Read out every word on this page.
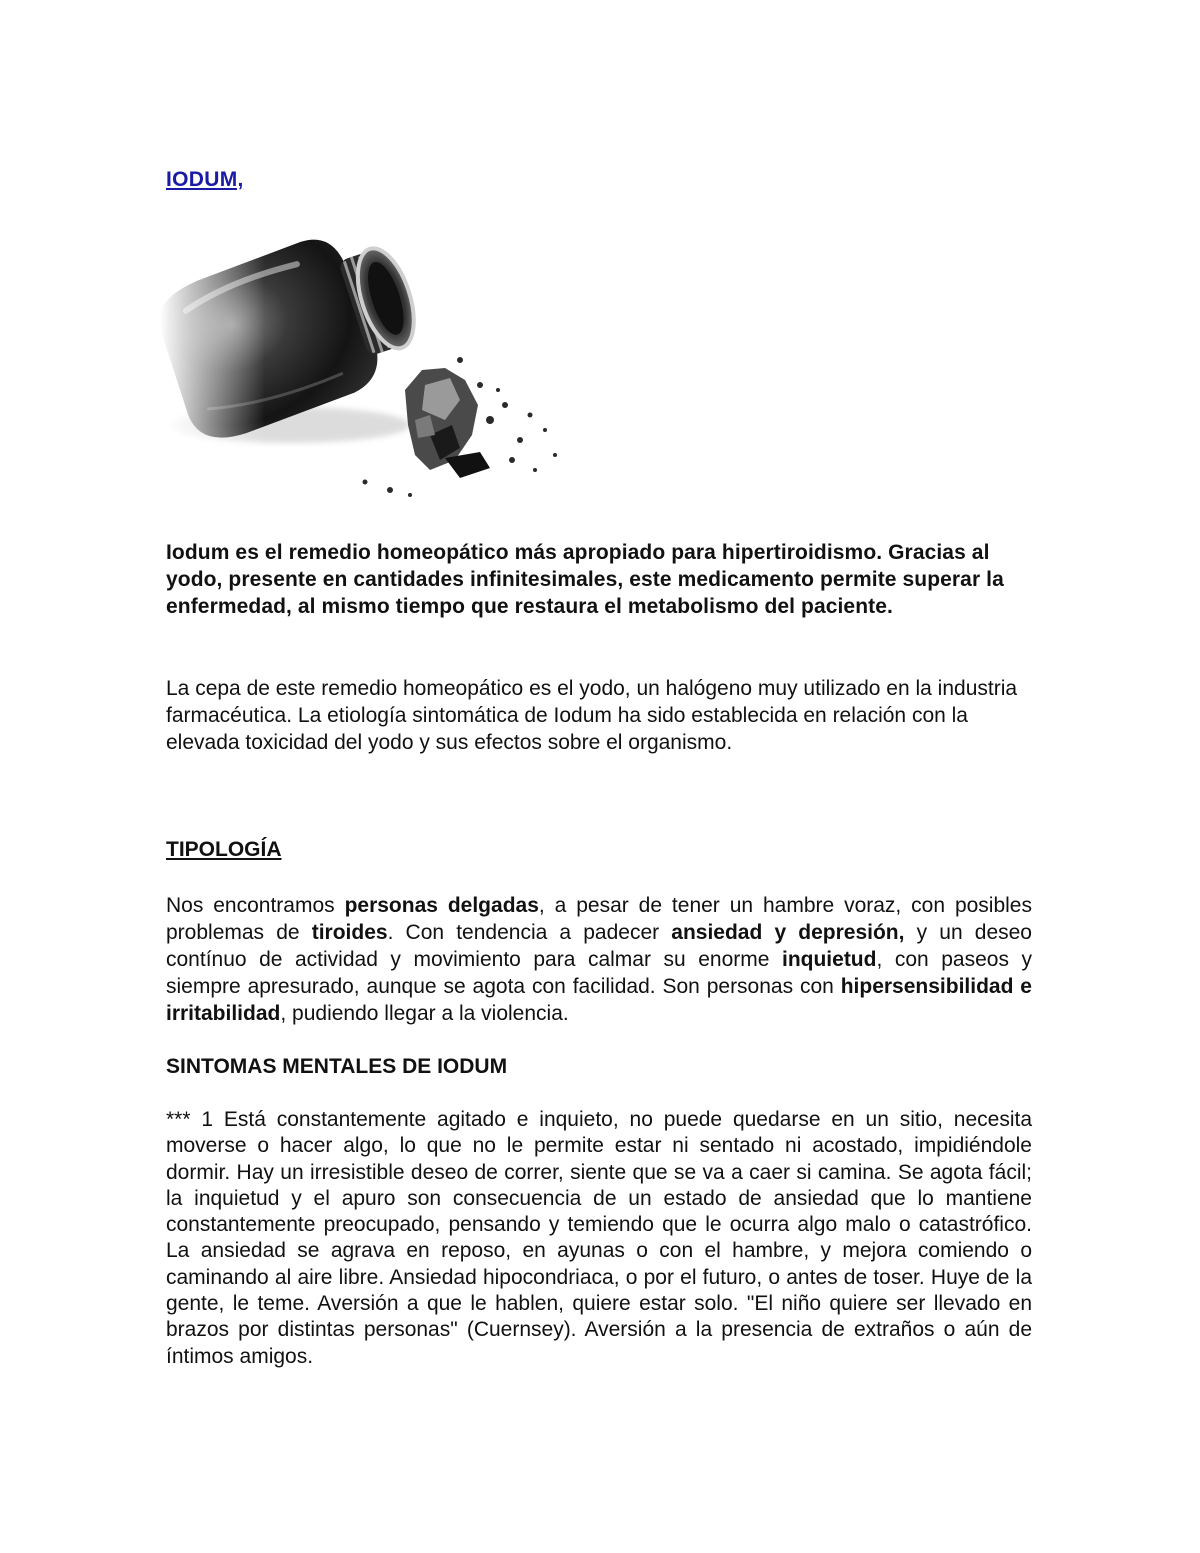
IODUM,
Iodum es el remedio homeopático más apropiado para hipertiroidismo. Gracias al yodo, presente en cantidades infinitesimales, este medicamento permite superar la enfermedad, al mismo tiempo que restaura el metabolismo del paciente.
La cepa de este remedio homeopático es el yodo, un halógeno muy utilizado en la industria farmacéutica. La etiología sintomática de Iodum ha sido establecida en relación con la elevada toxicidad del yodo y sus efectos sobre el organismo.
TIPOLOGÍA
Nos encontramos personas delgadas, a pesar de tener un hambre voraz, con posibles problemas de tiroides. Con tendencia a padecer ansiedad y depresión, y un deseo contínuo de actividad y movimiento para calmar su enorme inquietud, con paseos y siempre apresurado, aunque se agota con facilidad. Son personas con hipersensibilidad e irritabilidad, pudiendo llegar a la violencia.
SINTOMAS MENTALES DE IODUM
*** 1 Está constantemente agitado e inquieto, no puede quedarse en un sitio, necesita moverse o hacer algo, lo que no le permite estar ni sentado ni acostado, impidiéndole dormir. Hay un irresistible deseo de correr, siente que se va a caer si camina. Se agota fácil; la inquietud y el apuro son consecuencia de un estado de ansiedad que lo mantiene constantemente preocupado, pensando y temiendo que le ocurra algo malo o catastrófico. La ansiedad se agrava en reposo, en ayunas o con el hambre, y mejora comiendo o caminando al aire libre. Ansiedad hipocondriaca, o por el futuro, o antes de toser. Huye de la gente, le teme. Aversión a que le hablen, quiere estar solo. "El niño quiere ser llevado en brazos por distintas personas" (Cuernsey). Aversión a la presencia de extraños o aún de íntimos amigos.
